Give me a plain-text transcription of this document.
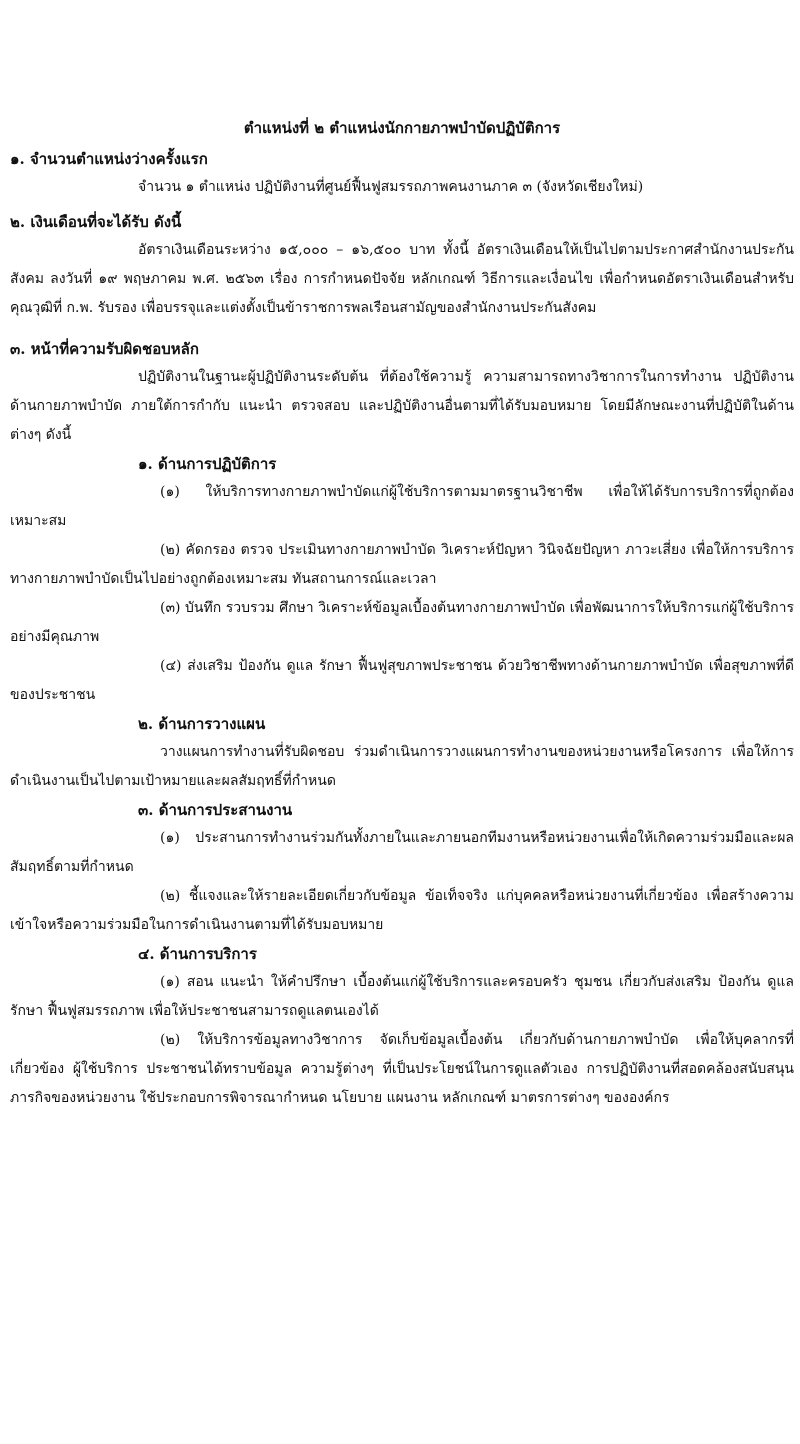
ตำแหน่งที่ ๒ ตำแหน่งนักกายภาพบำบัดปฏิบัติการ

๑. จำนวนตำแหน่งว่างครั้งแรก

จำนวน ๑ ตำแหน่ง ปฏิบัติงานที่ศูนย์ฟื้นฟูสมรรถภาพคนงานภาค ๓ (จังหวัดเชียงใหม่)

๒. เงินเดือนที่จะได้รับ ดังนี้

อัตราเงินเดือนระหว่าง ๑๕,๐๐๐ – ๑๖,๕๐๐ บาท ทั้งนี้ อัตราเงินเดือนให้เป็นไปตามประกาศสำนักงานประกันสังคม ลงวันที่ ๑๙ พฤษภาคม พ.ศ. ๒๕๖๓ เรื่อง การกำหนดปัจจัย หลักเกณฑ์ วิธีการและเงื่อนไข เพื่อกำหนดอัตราเงินเดือนสำหรับคุณวุฒิที่ ก.พ. รับรอง เพื่อบรรจุและแต่งตั้งเป็นข้าราชการพลเรือนสามัญของสำนักงานประกันสังคม

๓. หน้าที่ความรับผิดชอบหลัก

ปฏิบัติงานในฐานะผู้ปฏิบัติงานระดับต้น ที่ต้องใช้ความรู้ ความสามารถทางวิชาการในการทำงาน ปฏิบัติงานด้านกายภาพบำบัด ภายใต้การกำกับ แนะนำ ตรวจสอบ และปฏิบัติงานอื่นตามที่ได้รับมอบหมาย โดยมีลักษณะงานที่ปฏิบัติในด้านต่างๆ ดังนี้

๑. ด้านการปฏิบัติการ

(๑) ให้บริการทางกายภาพบำบัดแก่ผู้ใช้บริการตามมาตรฐานวิชาชีพ เพื่อให้ได้รับการบริการที่ถูกต้อง เหมาะสม

(๒) คัดกรอง ตรวจ ประเมินทางกายภาพบำบัด วิเคราะห์ปัญหา วินิจฉัยปัญหา ภาวะเสี่ยง เพื่อให้การบริการทางกายภาพบำบัดเป็นไปอย่างถูกต้องเหมาะสม ทันสถานการณ์และเวลา

(๓) บันทึก รวบรวม ศึกษา วิเคราะห์ข้อมูลเบื้องต้นทางกายภาพบำบัด เพื่อพัฒนาการให้บริการแก่ผู้ใช้บริการอย่างมีคุณภาพ

(๔) ส่งเสริม ป้องกัน ดูแล รักษา ฟื้นฟูสุขภาพประชาชน ด้วยวิชาชีพทางด้านกายภาพบำบัด เพื่อสุขภาพที่ดีของประชาชน

๒. ด้านการวางแผน

วางแผนการทำงานที่รับผิดชอบ ร่วมดำเนินการวางแผนการทำงานของหน่วยงานหรือโครงการ เพื่อให้การดำเนินงานเป็นไปตามเป้าหมายและผลสัมฤทธิ์ที่กำหนด

๓. ด้านการประสานงาน

(๑) ประสานการทำงานร่วมกันทั้งภายในและภายนอกทีมงานหรือหน่วยงานเพื่อให้เกิดความร่วมมือและผลสัมฤทธิ์ตามที่กำหนด

(๒) ชี้แจงและให้รายละเอียดเกี่ยวกับข้อมูล ข้อเท็จจริง แก่บุคคลหรือหน่วยงานที่เกี่ยวข้อง เพื่อสร้างความเข้าใจหรือความร่วมมือในการดำเนินงานตามที่ได้รับมอบหมาย

๔. ด้านการบริการ

(๑) สอน แนะนำ ให้คำปรึกษา เบื้องต้นแก่ผู้ใช้บริการและครอบครัว ชุมชน เกี่ยวกับส่งเสริม ป้องกัน ดูแล รักษา ฟื้นฟูสมรรถภาพ เพื่อให้ประชาชนสามารถดูแลตนเองได้

(๒) ให้บริการข้อมูลทางวิชาการ จัดเก็บข้อมูลเบื้องต้น เกี่ยวกับด้านกายภาพบำบัด เพื่อให้บุคลากรที่เกี่ยวข้อง ผู้ใช้บริการ ประชาชนได้ทราบข้อมูล ความรู้ต่างๆ ที่เป็นประโยชน์ในการดูแลตัวเอง การปฏิบัติงานที่สอดคล้องสนับสนุนภารกิจของหน่วยงาน ใช้ประกอบการพิจารณากำหนด นโยบาย แผนงาน หลักเกณฑ์ มาตรการต่างๆ ขององค์กร
